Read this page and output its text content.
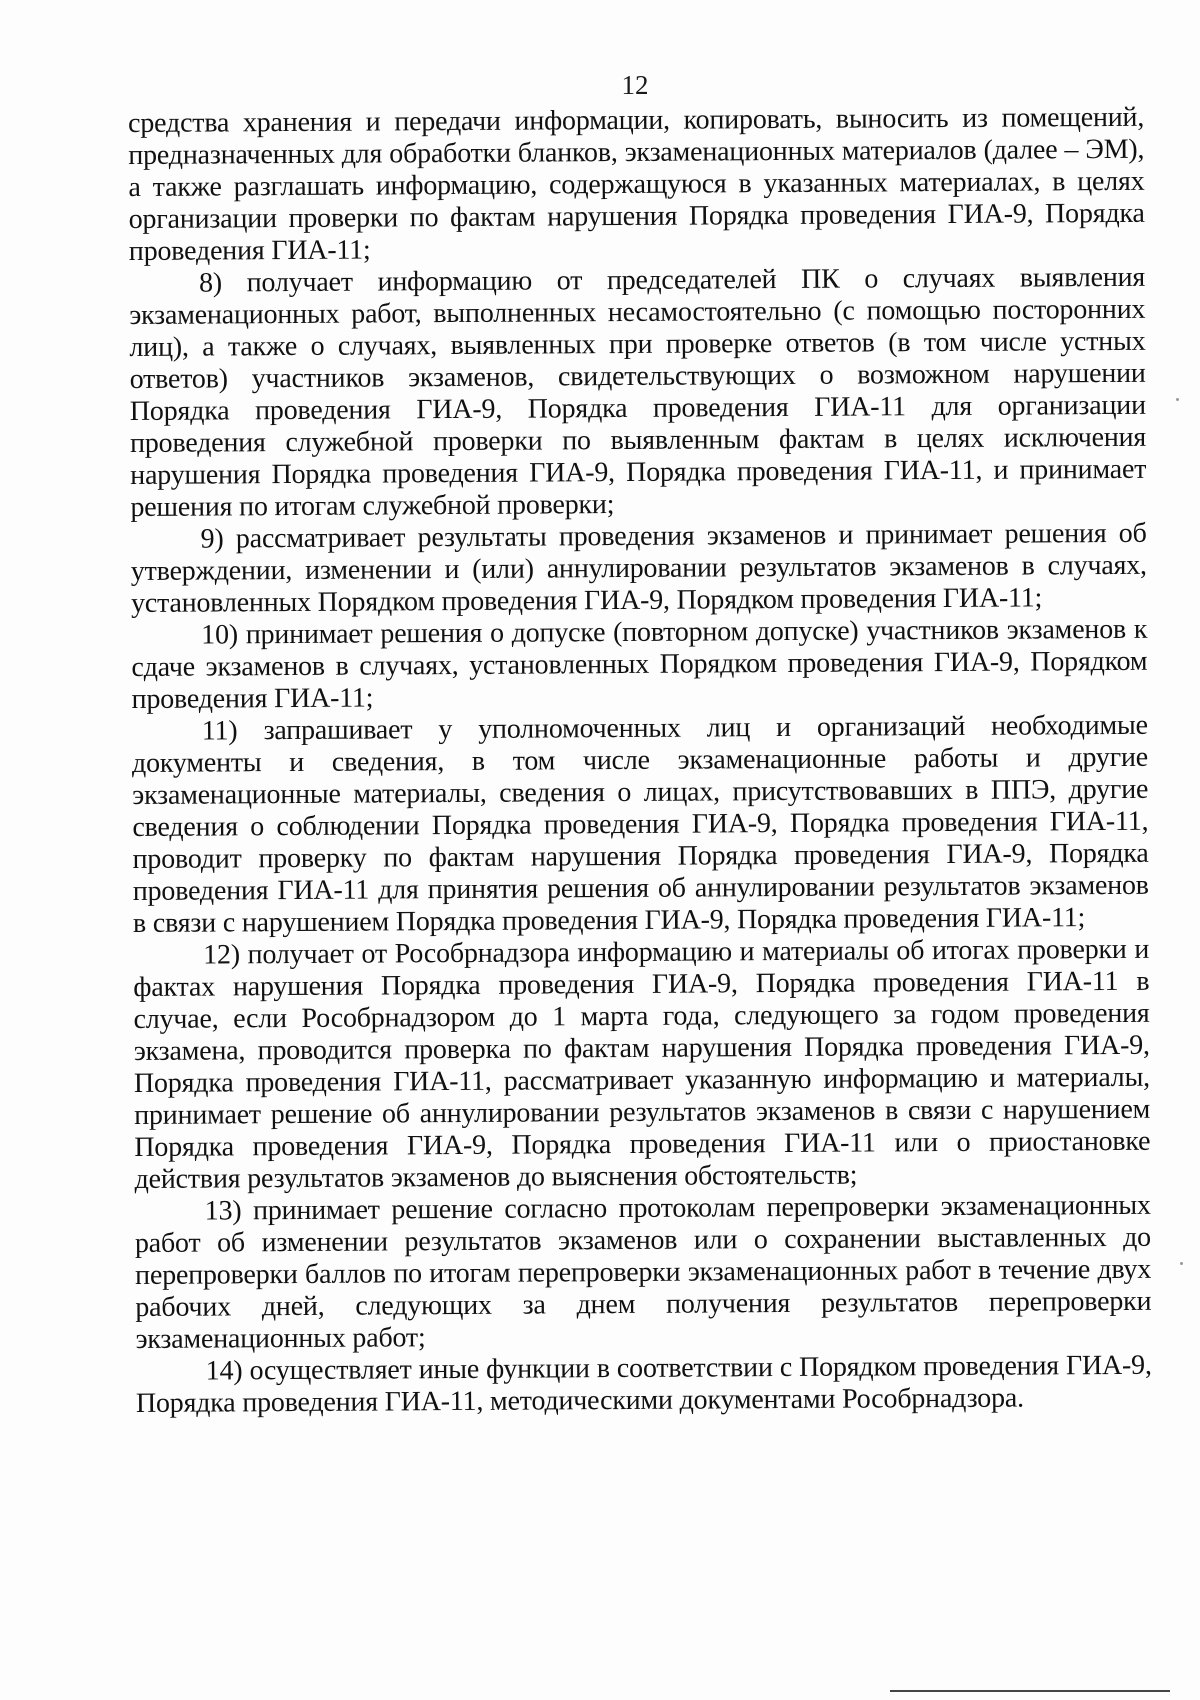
12

средства хранения и передачи информации, копировать, выносить из помещений, предназначенных для обработки бланков, экзаменационных материалов (далее – ЭМ), а также разглашать информацию, содержащуюся в указанных материалах, в целях организации проверки по фактам нарушения Порядка проведения ГИА-9, Порядка проведения ГИА-11;

8) получает информацию от председателей ПК о случаях выявления экзаменационных работ, выполненных несамостоятельно (с помощью посторонних лиц), а также о случаях, выявленных при проверке ответов (в том числе устных ответов) участников экзаменов, свидетельствующих о возможном нарушении Порядка проведения ГИА-9, Порядка проведения ГИА-11 для организации проведения служебной проверки по выявленным фактам в целях исключения нарушения Порядка проведения ГИА-9, Порядка проведения ГИА-11, и принимает решения по итогам служебной проверки;

9) рассматривает результаты проведения экзаменов и принимает решения об утверждении, изменении и (или) аннулировании результатов экзаменов в случаях, установленных Порядком проведения ГИА-9, Порядком проведения ГИА-11;

10) принимает решения о допуске (повторном допуске) участников экзаменов к сдаче экзаменов в случаях, установленных Порядком проведения ГИА-9, Порядком проведения ГИА-11;

11) запрашивает у уполномоченных лиц и организаций необходимые документы и сведения, в том числе экзаменационные работы и другие экзаменационные материалы, сведения о лицах, присутствовавших в ППЭ, другие сведения о соблюдении Порядка проведения ГИА-9, Порядка проведения ГИА-11, проводит проверку по фактам нарушения Порядка проведения ГИА-9, Порядка проведения ГИА-11 для принятия решения об аннулировании результатов экзаменов в связи с нарушением Порядка проведения ГИА-9, Порядка проведения ГИА-11;

12) получает от Рособрнадзора информацию и материалы об итогах проверки и фактах нарушения Порядка проведения ГИА-9, Порядка проведения ГИА-11 в случае, если Рособрнадзором до 1 марта года, следующего за годом проведения экзамена, проводится проверка по фактам нарушения Порядка проведения ГИА-9, Порядка проведения ГИА-11, рассматривает указанную информацию и материалы, принимает решение об аннулировании результатов экзаменов в связи с нарушением Порядка проведения ГИА-9, Порядка проведения ГИА-11 или о приостановке действия результатов экзаменов до выяснения обстоятельств;

13) принимает решение согласно протоколам перепроверки экзаменационных работ об изменении результатов экзаменов или о сохранении выставленных до перепроверки баллов по итогам перепроверки экзаменационных работ в течение двух рабочих дней, следующих за днем получения результатов перепроверки экзаменационных работ;

14) осуществляет иные функции в соответствии с Порядком проведения ГИА-9, Порядка проведения ГИА-11, методическими документами Рособрнадзора.
